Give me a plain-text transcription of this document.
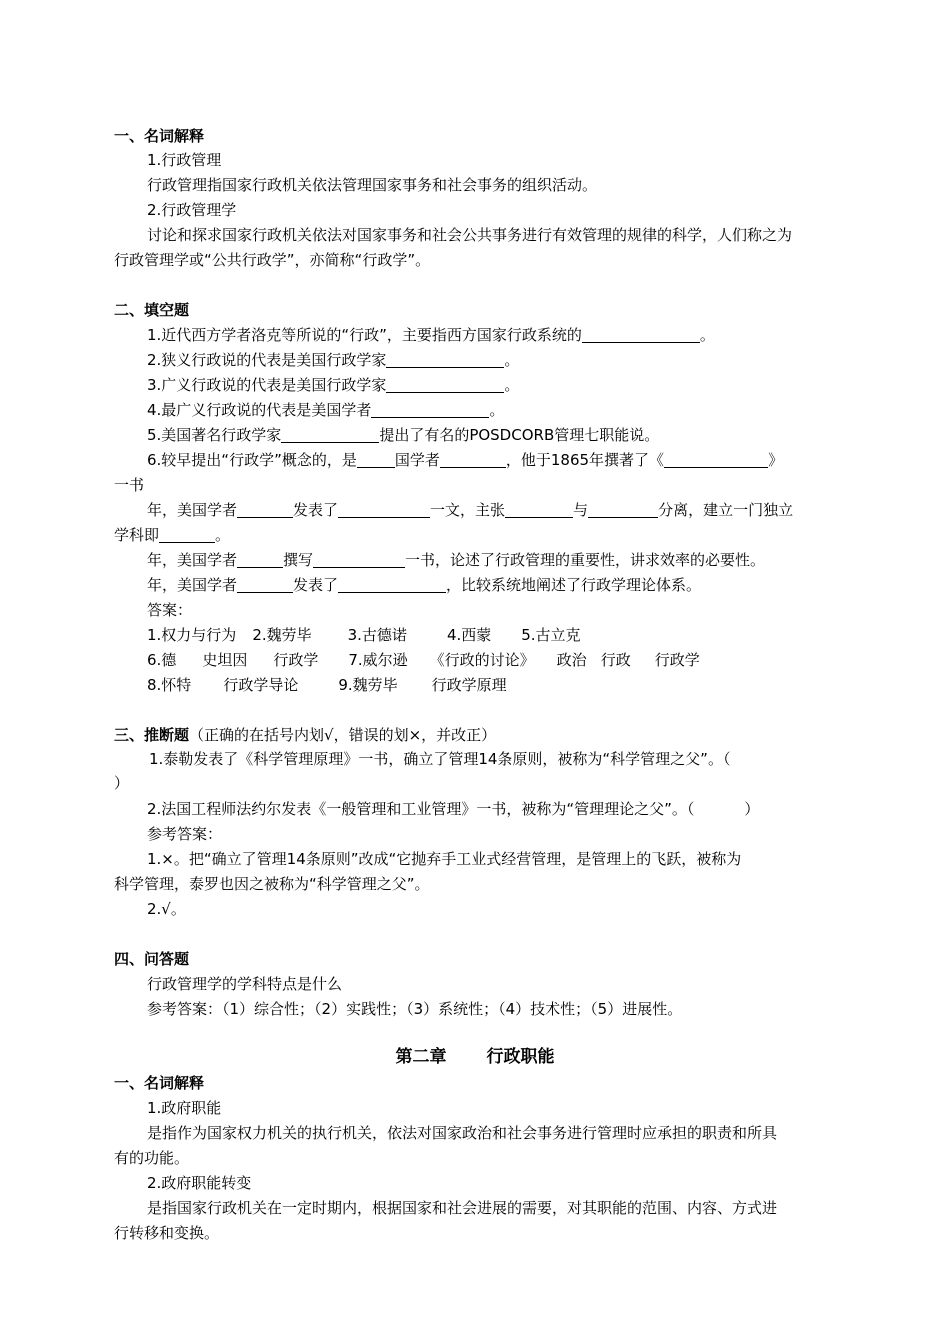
一、名词解释
1.行政管理
行政管理指国家行政机关依法管理国家事务和社会事务的组织活动。
2.行政管理学
讨论和探求国家行政机关依法对国家事务和社会公共事务进行有效管理的规律的科学，人们称之为
行政管理学或“公共行政学”，亦简称“行政学”。
二、填空题
1.近代西方学者洛克等所说的“行政”，主要指西方国家行政系统的	。
2.狭义行政说的代表是美国行政学家	。
3.广义行政说的代表是美国行政学家	。
4.最广义行政说的代表是美国学者	。
5.美国著名行政学家	提出了有名的POSDCORB管理七职能说。
6.较早提出“行政学”概念的，是	国学者	，他于1865年撰著了《	》
一书
年，美国学者	发表了	一文，主张	与	分离，建立一门独立
学科即	。
年，美国学者	撰写	一书，论述了行政管理的重要性，讲求效率的必要性。
年，美国学者	发表了	，比较系统地阐述了行政学理论体系。
答案：
1.权力与行为 2.魏劳毕 3.古德诺	4.西蒙 5.古立克
6.德 史坦因 行政学 7.威尔逊 《行政的讨论》 政治 行政 行政学
8.怀特 行政学导论	9.魏劳毕 行政学原理
三、推断题（正确的在括号内划√，错误的划×，并改正）
1.泰勒发表了《科学管理原理》一书，确立了管理14条原则，被称为“科学管理之父”。（
）
2.法国工程师法约尔发表《一般管理和工业管理》一书，被称为“管理理论之父”。（	）
参考答案：
1.×。把“确立了管理14条原则”改成“它抛弃手工业式经营管理，是管理上的飞跃，被称为
科学管理，泰罗也因之被称为“科学管理之父”。
2.√。
四、问答题
行政管理学的学科特点是什么
参考答案：（1）综合性；（2）实践性；（3）系统性；（4）技术性；（5）进展性。
第二章 行政职能
一、名词解释
1.政府职能
是指作为国家权力机关的执行机关，依法对国家政治和社会事务进行管理时应承担的职责和所具
有的功能。
2.政府职能转变
是指国家行政机关在一定时期内，根据国家和社会进展的需要，对其职能的范围、内容、方式进
行转移和变换。
